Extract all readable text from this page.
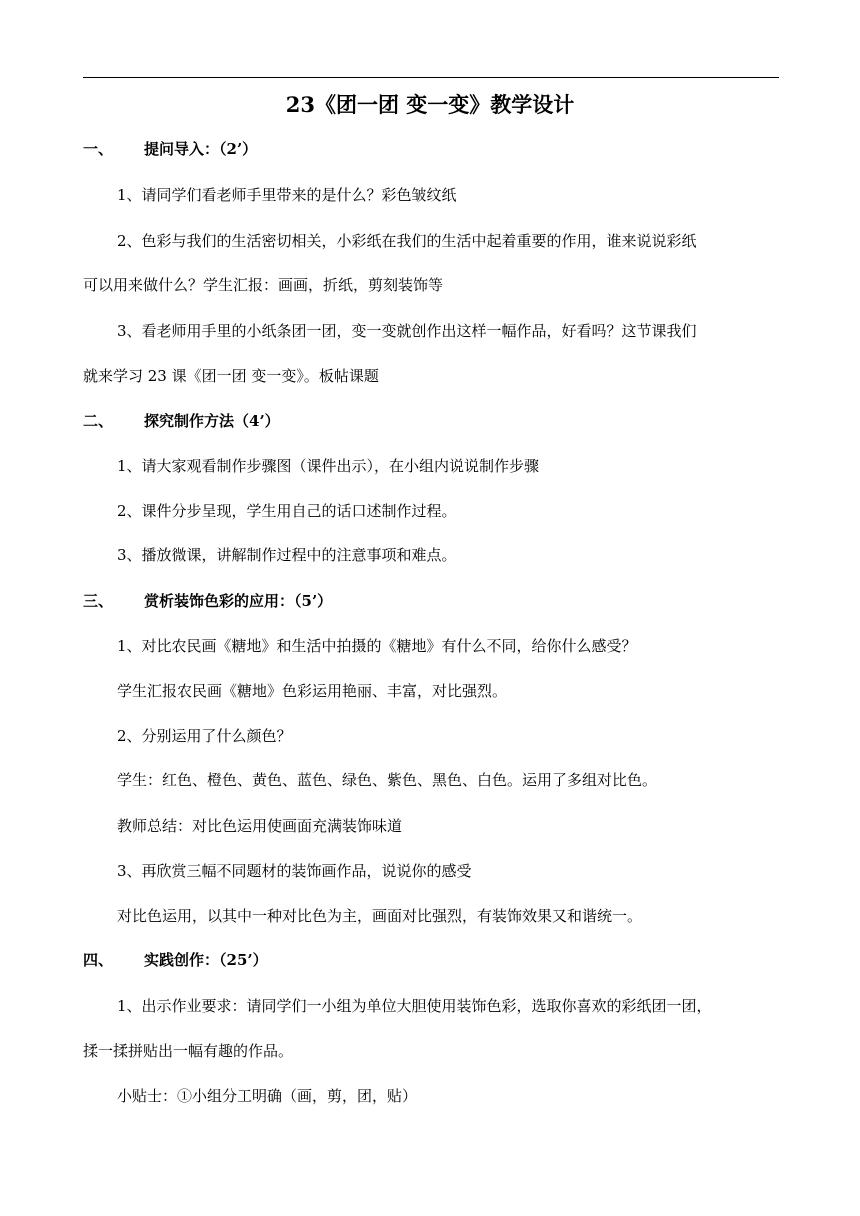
23《团一团 变一变》教学设计
一、 提问导入：（2’）
1、请同学们看老师手里带来的是什么？彩色皱纹纸
2、色彩与我们的生活密切相关，小彩纸在我们的生活中起着重要的作用，谁来说说彩纸
可以用来做什么？学生汇报：画画，折纸，剪刻装饰等
3、看老师用手里的小纸条团一团，变一变就创作出这样一幅作品，好看吗？这节课我们
就来学习 23 课《团一团 变一变》。板帖课题
二、 探究制作方法（4’）
1、请大家观看制作步骤图（课件出示），在小组内说说制作步骤
2、课件分步呈现，学生用自己的话口述制作过程。
3、播放微课，讲解制作过程中的注意事项和难点。
三、 赏析装饰色彩的应用：（5’）
1、对比农民画《糖地》和生活中拍摄的《糖地》有什么不同，给你什么感受？
学生汇报农民画《糖地》色彩运用艳丽、丰富，对比强烈。
2、分别运用了什么颜色？
学生：红色、橙色、黄色、蓝色、绿色、紫色、黑色、白色。运用了多组对比色。
教师总结：对比色运用使画面充满装饰味道
3、再欣赏三幅不同题材的装饰画作品，说说你的感受
对比色运用，以其中一种对比色为主，画面对比强烈，有装饰效果又和谐统一。
四、 实践创作：（25’）
1、出示作业要求：请同学们一小组为单位大胆使用装饰色彩，选取你喜欢的彩纸团一团，
揉一揉拼贴出一幅有趣的作品。
小贴士：①小组分工明确（画，剪，团，贴）
